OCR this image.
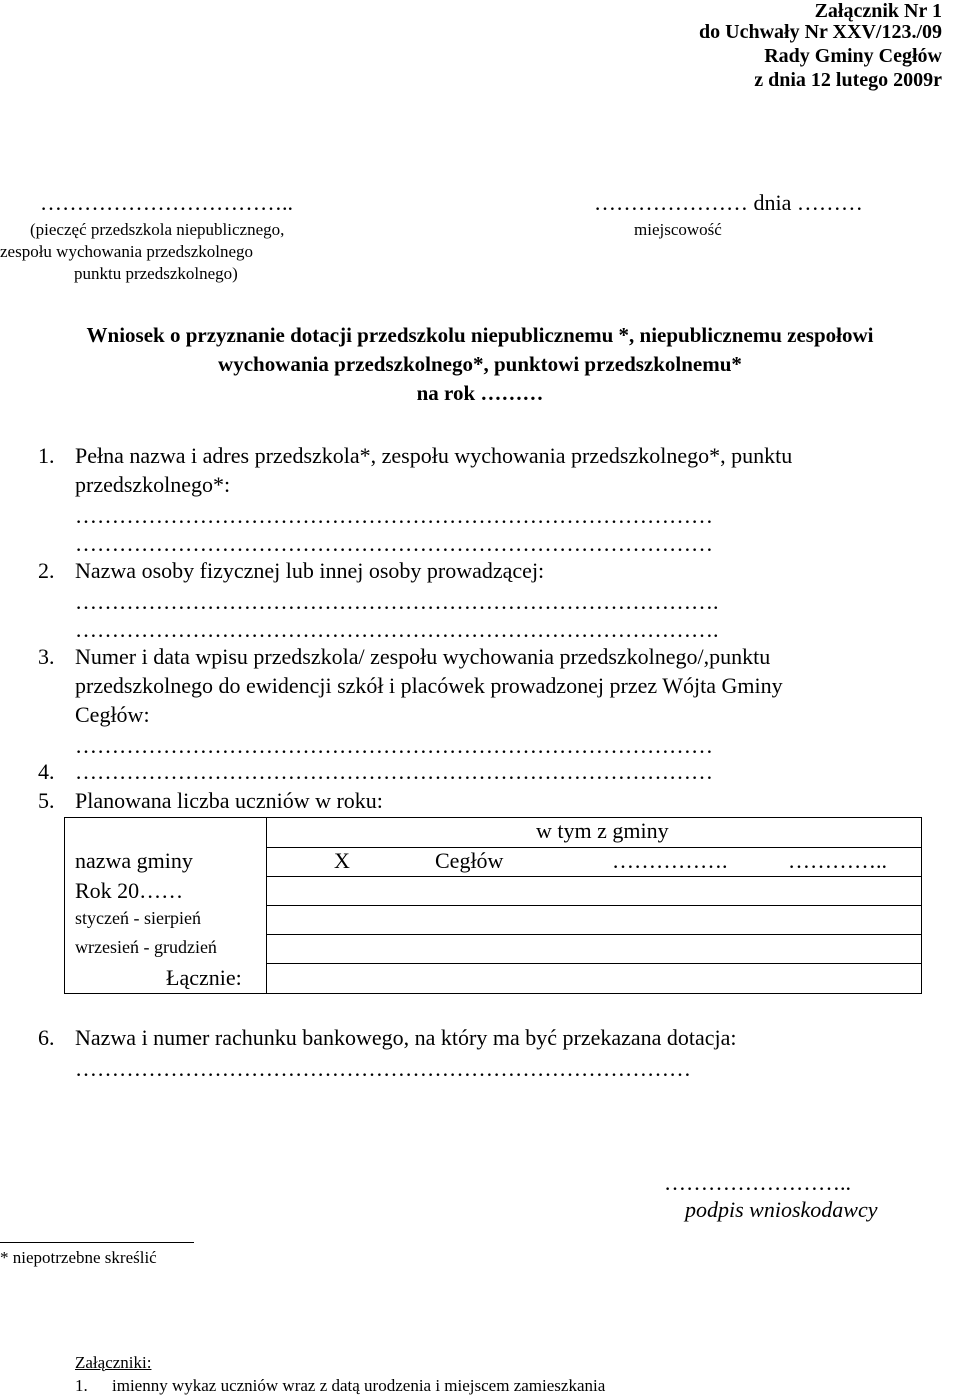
Załącznik Nr 1
do Uchwały Nr XXV/123./09
Rady Gminy Cegłów
z dnia 12 lutego 2009r
……………………………..
(pieczęć przedszkola niepublicznego,
zespołu wychowania przedszkolnego
punktu przedszkolnego)
………………… dnia ………
miejscowość
Wniosek o przyznanie dotacji przedszkolu niepublicznemu *, niepublicznemu zespołowi
wychowania przedszkolnego*, punktowi przedszkolnemu*
na rok ………
1. Pełna nazwa i adres przedszkola*, zespołu wychowania przedszkolnego*, punktu
przedszkolnego*:
……………………………………………………………………………
……………………………………………………………………………
2. Nazwa osoby fizycznej lub innej osoby prowadzącej:
…………………………………………………………………………….
…………………………………………………………………………….
3. Numer i data wpisu przedszkola/ zespołu wychowania przedszkolnego/,punktu
przedszkolnego do ewidencji szkół i placówek prowadzonej przez Wójta Gminy
Cegłów:
……………………………………………………………………………
4. ……………………………………………………………………………
5. Planowana liczba uczniów w roku:
w tym z gminy
nazwa gminy	X	Cegłów	…………….	…………..
Rok 20……
styczeń - sierpień
wrzesień - grudzień
Łącznie:
6. Nazwa i numer rachunku bankowego, na który ma być przekazana dotacja:
…………………………………………………………………………
……………………..
podpis wnioskodawcy
* niepotrzebne skreślić
Załączniki:
1. imienny wykaz uczniów wraz z datą urodzenia i miejscem zamieszkania
